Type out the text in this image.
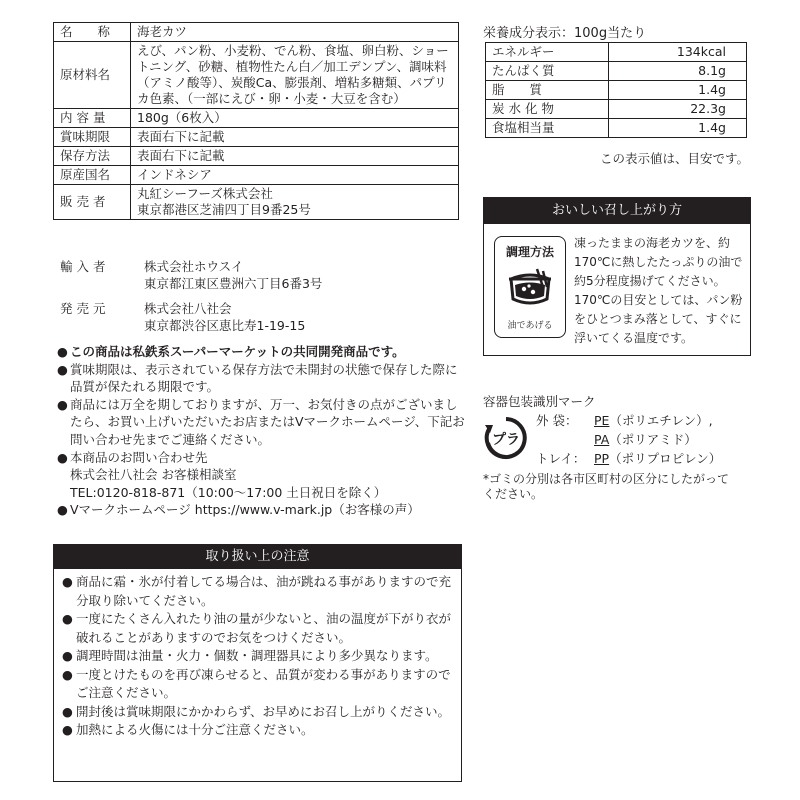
名　　称	海老カツ
原材料名	えび、パン粉、小麦粉、でん粉、食塩、卵白粉、ショートニング、砂糖、植物性たん白／加工デンプン、調味料（アミノ酸等）、炭酸Ca、膨張剤、増粘多糖類、パプリカ色素、（一部にえび・卵・小麦・大豆を含む）
内 容 量	180g（6枚入）
賞味期限	表面右下に記載
保存方法	表面右下に記載
原産国名	インドネシア
販 売 者	丸紅シーフーズ株式会社
東京都港区芝浦四丁目9番25号
輸 入 者	株式会社ホウスイ
東京都江東区豊洲六丁目6番3号
発 売 元	株式会社八社会
東京都渋谷区恵比寿1-19-15
● この商品は私鉄系スーパーマーケットの共同開発商品です。
● 賞味期限は、表示されている保存方法で未開封の状態で保存した際に品質が保たれる期限です。
● 商品には万全を期しておりますが、万一、お気付きの点がございましたら、お買い上げいただいたお店またはVマークホームページ、下記お問い合わせ先までご連絡ください。
● 本商品のお問い合わせ先
株式会社八社会 お客様相談室
TEL:0120-818-871（10:00〜17:00 土日祝日を除く）
● Vマークホームページ https://www.v-mark.jp（お客様の声）
取り扱い上の注意
● 商品に霜・氷が付着してる場合は、油が跳ねる事がありますので充分取り除いてください。
● 一度にたくさん入れたり油の量が少ないと、油の温度が下がり衣が破れることがありますのでお気をつけください。
● 調理時間は油量・火力・個数・調理器具により多少異なります。
● 一度とけたものを再び凍らせると、品質が変わる事がありますのでご注意ください。
● 開封後は賞味期限にかかわらず、お早めにお召し上がりください。
● 加熱による火傷には十分ご注意ください。
栄養成分表示：100g当たり
エネルギー	134kcal
たんぱく質	8.1g
脂　　質	1.4g
炭 水 化 物	22.3g
食塩相当量	1.4g
この表示値は、目安です。
おいしい召し上がり方
調理方法
油であげる
凍ったままの海老カツを、約170℃に熱したたっぷりの油で約5分程度揚げてください。170℃の目安としては、パン粉をひとつまみ落として、すぐに浮いてくる温度です。
容器包装識別マーク
プラ
外 袋： PE（ポリエチレン）,
PA（ポリアミド）
トレイ： PP（ポリプロピレン）
*ゴミの分別は各市区町村の区分にしたがってください。
